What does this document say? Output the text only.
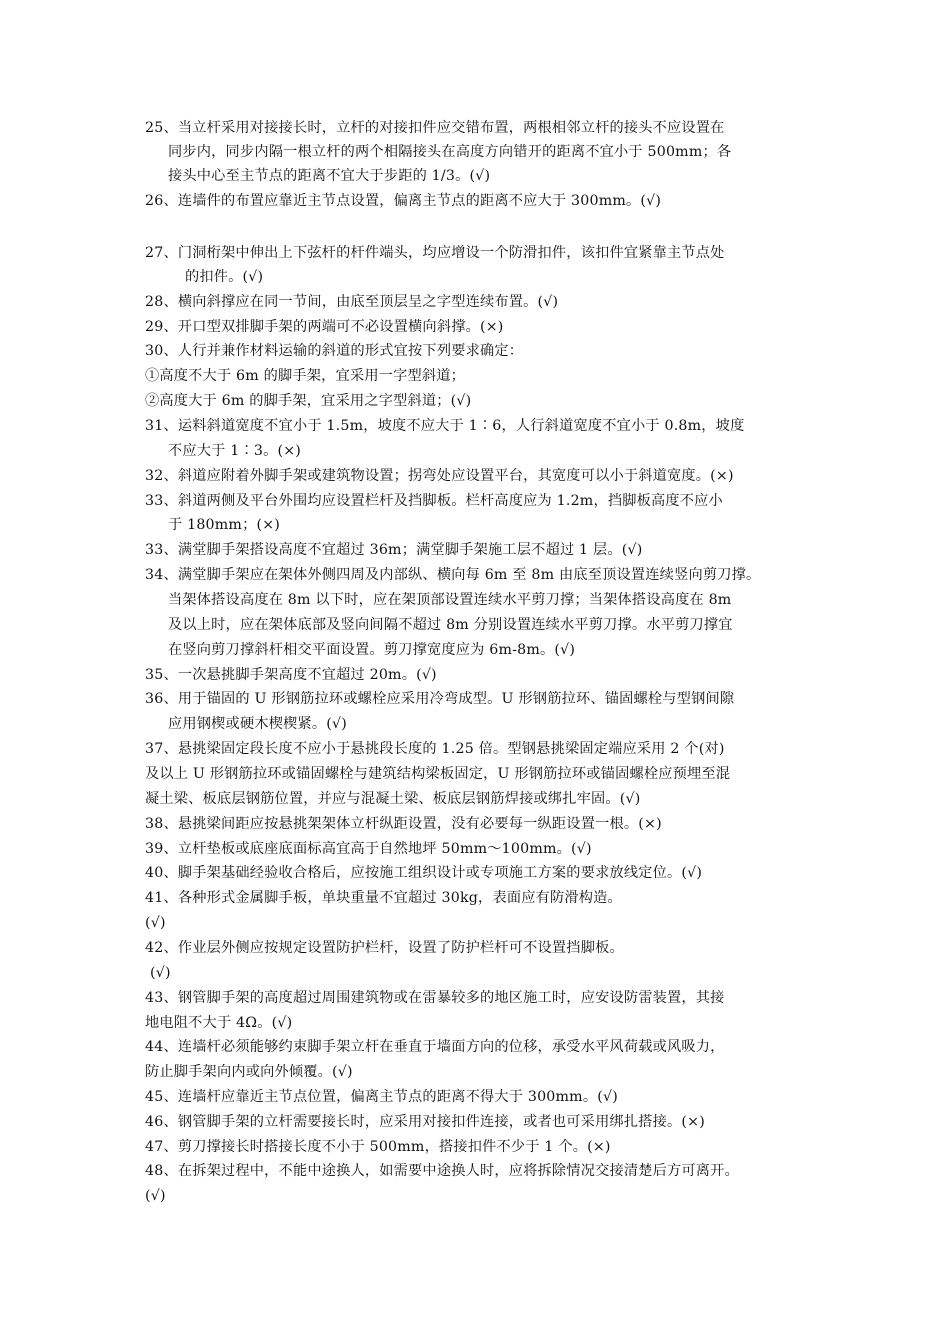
25、当立杆采用对接接长时，立杆的对接扣件应交错布置，两根相邻立杆的接头不应设置在
同步内，同步内隔一根立杆的两个相隔接头在高度方向错开的距离不宜小于 500mm；各
接头中心至主节点的距离不宜大于步距的 1/3。(√)
26、连墙件的布置应靠近主节点设置，偏离主节点的距离不应大于 300mm。(√)
27、门洞桁架中伸出上下弦杆的杆件端头，均应增设一个防滑扣件，该扣件宜紧靠主节点处
的扣件。(√)
28、横向斜撑应在同一节间，由底至顶层呈之字型连续布置。(√)
29、开口型双排脚手架的两端可不必设置横向斜撑。(×)
30、人行并兼作材料运输的斜道的形式宜按下列要求确定：
①高度不大于 6m 的脚手架，宜采用一字型斜道；
②高度大于 6m 的脚手架，宜采用之字型斜道；(√)
31、运料斜道宽度不宜小于 1.5m，坡度不应大于 1∶6，人行斜道宽度不宜小于 0.8m，坡度
不应大于 1∶3。(×)
32、斜道应附着外脚手架或建筑物设置；拐弯处应设置平台，其宽度可以小于斜道宽度。(×)
33、斜道两侧及平台外围均应设置栏杆及挡脚板。栏杆高度应为 1.2m，挡脚板高度不应小
于 180mm；(×)
33、满堂脚手架搭设高度不宜超过 36m；满堂脚手架施工层不超过 1 层。(√)
34、满堂脚手架应在架体外侧四周及内部纵、横向每 6m 至 8m 由底至顶设置连续竖向剪刀撑。
当架体搭设高度在 8m 以下时，应在架顶部设置连续水平剪刀撑；当架体搭设高度在 8m
及以上时，应在架体底部及竖向间隔不超过 8m 分别设置连续水平剪刀撑。水平剪刀撑宜
在竖向剪刀撑斜杆相交平面设置。剪刀撑宽度应为 6m-8m。(√)
35、一次悬挑脚手架高度不宜超过 20m。(√)
36、用于锚固的 U 形钢筋拉环或螺栓应采用冷弯成型。U 形钢筋拉环、锚固螺栓与型钢间隙
应用钢楔或硬木楔楔紧。(√)
37、悬挑梁固定段长度不应小于悬挑段长度的 1.25 倍。型钢悬挑梁固定端应采用 2 个(对)
及以上 U 形钢筋拉环或锚固螺栓与建筑结构梁板固定，U 形钢筋拉环或锚固螺栓应预埋至混
凝土梁、板底层钢筋位置，并应与混凝土梁、板底层钢筋焊接或绑扎牢固。(√)
38、悬挑梁间距应按悬挑架架体立杆纵距设置，没有必要每一纵距设置一根。(×)
39、立杆垫板或底座底面标高宜高于自然地坪 50mm～100mm。(√)
40、脚手架基础经验收合格后，应按施工组织设计或专项施工方案的要求放线定位。(√)
41、各种形式金属脚手板，单块重量不宜超过 30kg，表面应有防滑构造。
(√)
42、作业层外侧应按规定设置防护栏杆，设置了防护栏杆可不设置挡脚板。
(√)
43、钢管脚手架的高度超过周围建筑物或在雷暴较多的地区施工时，应安设防雷装置，其接
地电阻不大于 4Ω。(√)
44、连墙杆必须能够约束脚手架立杆在垂直于墙面方向的位移，承受水平风荷载或风吸力，
防止脚手架向内或向外倾覆。(√)
45、连墙杆应靠近主节点位置，偏离主节点的距离不得大于 300mm。(√)
46、钢管脚手架的立杆需要接长时，应采用对接扣件连接，或者也可采用绑扎搭接。(×)
47、剪刀撑接长时搭接长度不小于 500mm，搭接扣件不少于 1 个。(×)
48、在拆架过程中，不能中途换人，如需要中途换人时，应将拆除情况交接清楚后方可离开。
(√)
